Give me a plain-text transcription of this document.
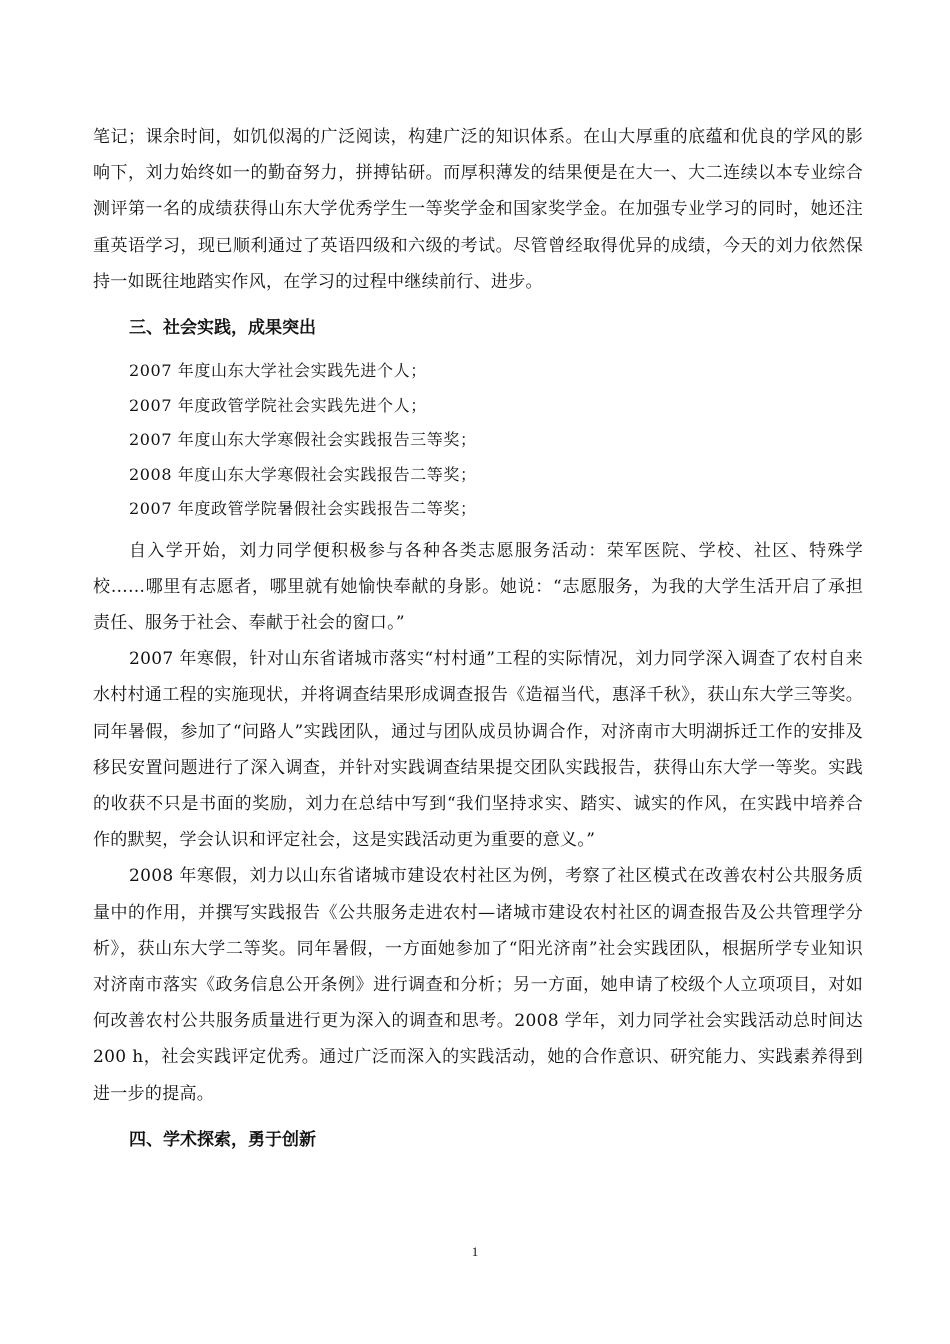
笔记；课余时间，如饥似渴的广泛阅读，构建广泛的知识体系。在山大厚重的底蕴和优良的学风的影响下，刘力始终如一的勤奋努力，拼搏钻研。而厚积薄发的结果便是在大一、大二连续以本专业综合测评第一名的成绩获得山东大学优秀学生一等奖学金和国家奖学金。在加强专业学习的同时，她还注重英语学习，现已顺利通过了英语四级和六级的考试。尽管曾经取得优异的成绩，今天的刘力依然保持一如既往地踏实作风，在学习的过程中继续前行、进步。

三、社会实践，成果突出
2007 年度山东大学社会实践先进个人；
2007 年度政管学院社会实践先进个人；
2007 年度山东大学寒假社会实践报告三等奖；
2008 年度山东大学寒假社会实践报告二等奖；
2007 年度政管学院暑假社会实践报告二等奖；

自入学开始，刘力同学便积极参与各种各类志愿服务活动：荣军医院、学校、社区、特殊学校……哪里有志愿者，哪里就有她愉快奉献的身影。她说：“志愿服务，为我的大学生活开启了承担责任、服务于社会、奉献于社会的窗口。”

2007 年寒假，针对山东省诸城市落实“村村通”工程的实际情况，刘力同学深入调查了农村自来水村村通工程的实施现状，并将调查结果形成调查报告《造福当代，惠泽千秋》，获山东大学三等奖。同年暑假，参加了“问路人”实践团队，通过与团队成员协调合作，对济南市大明湖拆迁工作的安排及移民安置问题进行了深入调查，并针对实践调查结果提交团队实践报告，获得山东大学一等奖。实践的收获不只是书面的奖励，刘力在总结中写到“我们坚持求实、踏实、诚实的作风，在实践中培养合作的默契，学会认识和评定社会，这是实践活动更为重要的意义。”

2008 年寒假，刘力以山东省诸城市建设农村社区为例，考察了社区模式在改善农村公共服务质量中的作用，并撰写实践报告《公共服务走进农村—诸城市建设农村社区的调查报告及公共管理学分析》，获山东大学二等奖。同年暑假，一方面她参加了“阳光济南”社会实践团队，根据所学专业知识对济南市落实《政务信息公开条例》进行调查和分析；另一方面，她申请了校级个人立项项目，对如何改善农村公共服务质量进行更为深入的调查和思考。2008 学年，刘力同学社会实践活动总时间达 200 h，社会实践评定优秀。通过广泛而深入的实践活动，她的合作意识、研究能力、实践素养得到进一步的提高。

四、学术探索，勇于创新
1
